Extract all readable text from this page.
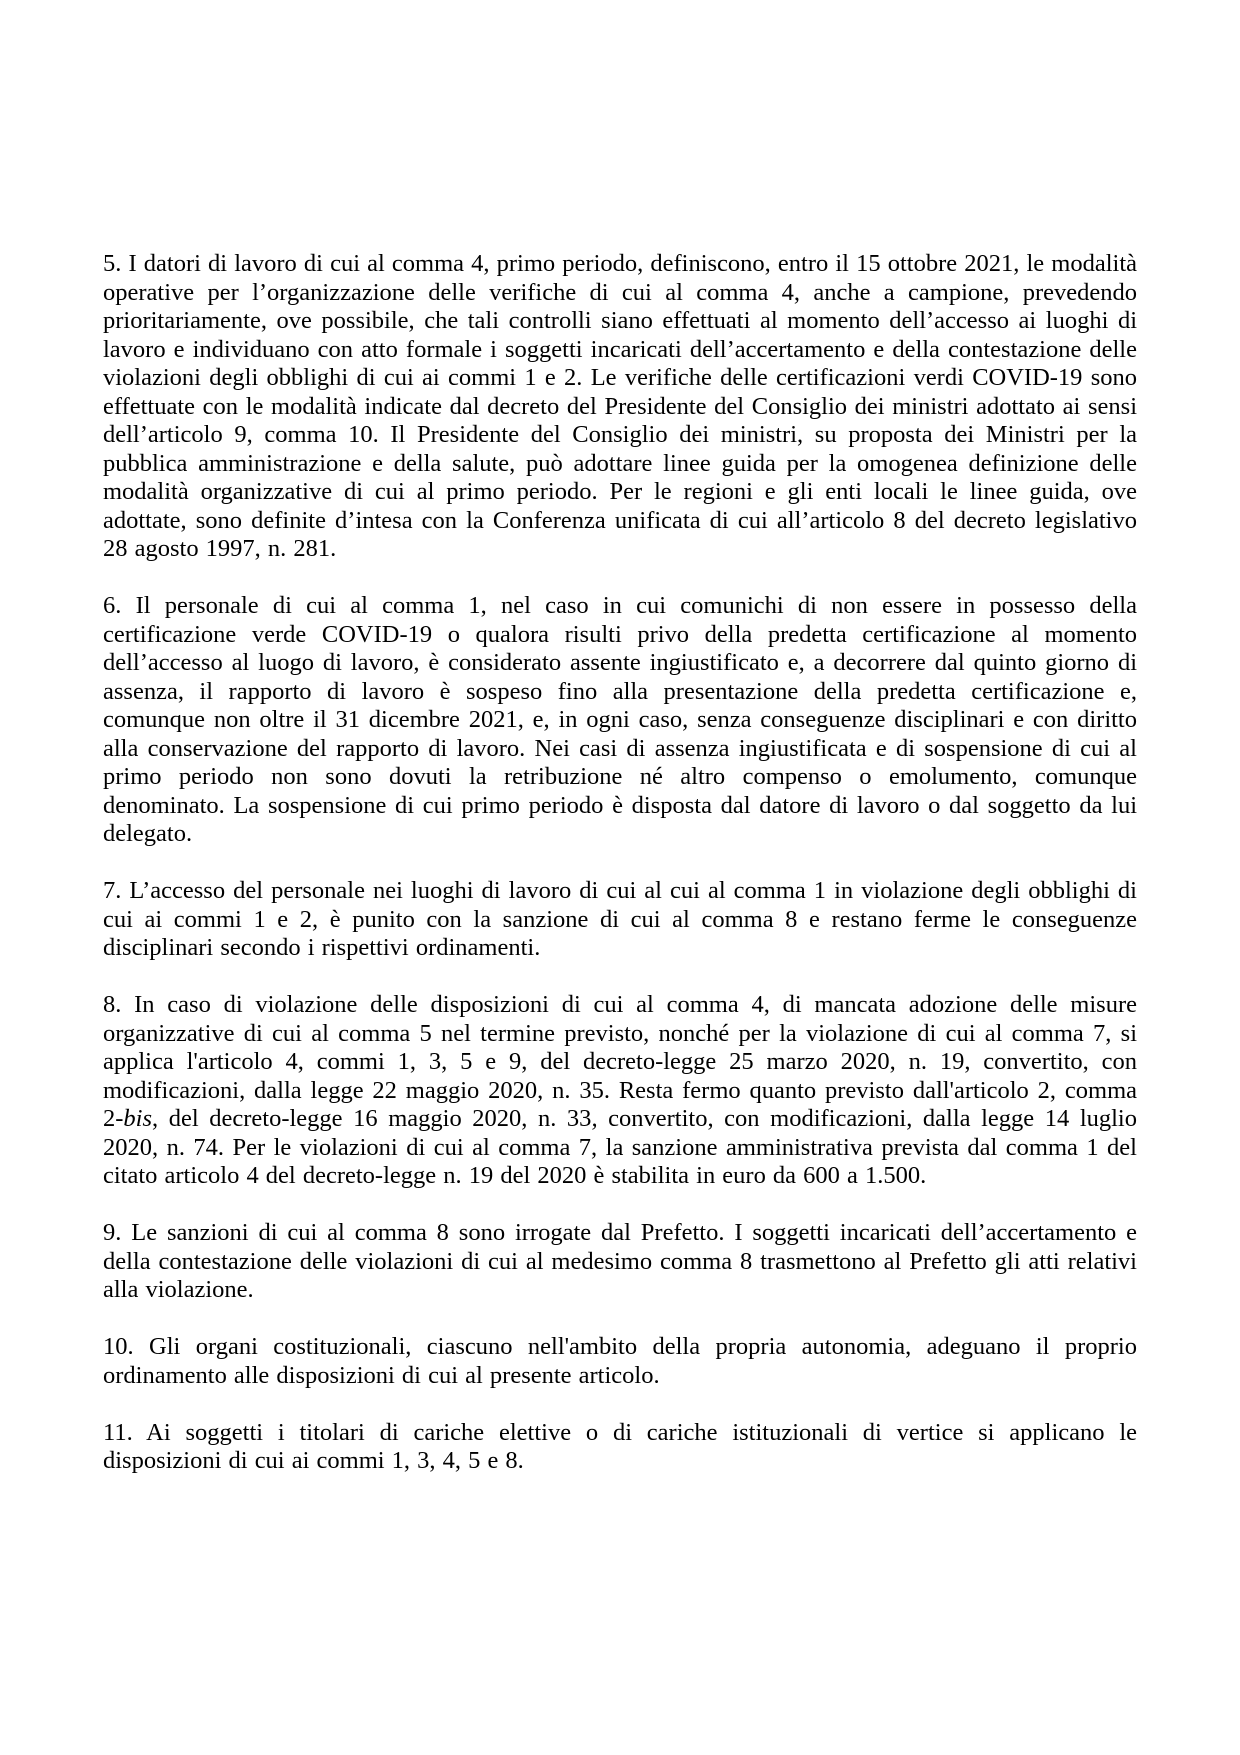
5. I datori di lavoro di cui al comma 4, primo periodo, definiscono, entro il 15 ottobre 2021, le modalità operative per l’organizzazione delle verifiche di cui al comma 4, anche a campione, prevedendo prioritariamente, ove possibile, che tali controlli siano effettuati al momento dell’accesso ai luoghi di lavoro e individuano con atto formale i soggetti incaricati dell’accertamento e della contestazione delle violazioni degli obblighi di cui ai commi 1 e 2. Le verifiche delle certificazioni verdi COVID-19 sono effettuate con le modalità indicate dal decreto del Presidente del Consiglio dei ministri adottato ai sensi dell’articolo 9, comma 10. Il Presidente del Consiglio dei ministri, su proposta dei Ministri per la pubblica amministrazione e della salute, può adottare linee guida per la omogenea definizione delle modalità organizzative di cui al primo periodo. Per le regioni e gli enti locali le linee guida, ove adottate, sono definite d’intesa con la Conferenza unificata di cui all’articolo 8 del decreto legislativo 28 agosto 1997, n. 281.

6. Il personale di cui al comma 1, nel caso in cui comunichi di non essere in possesso della certificazione verde COVID-19 o qualora risulti privo della predetta certificazione al momento dell’accesso al luogo di lavoro, è considerato assente ingiustificato e, a decorrere dal quinto giorno di assenza, il rapporto di lavoro è sospeso fino alla presentazione della predetta certificazione e, comunque non oltre il 31 dicembre 2021, e, in ogni caso, senza conseguenze disciplinari e con diritto alla conservazione del rapporto di lavoro. Nei casi di assenza ingiustificata e di sospensione di cui al primo periodo non sono dovuti la retribuzione né altro compenso o emolumento, comunque denominato. La sospensione di cui primo periodo è disposta dal datore di lavoro o dal soggetto da lui delegato.

7. L’accesso del personale nei luoghi di lavoro di cui al cui al comma 1 in violazione degli obblighi di cui ai commi 1 e 2, è punito con la sanzione di cui al comma 8 e restano ferme le conseguenze disciplinari secondo i rispettivi ordinamenti.

8. In caso di violazione delle disposizioni di cui al comma 4, di mancata adozione delle misure organizzative di cui al comma 5 nel termine previsto, nonché per la violazione di cui al comma 7, si applica l'articolo 4, commi 1, 3, 5 e 9, del decreto-legge 25 marzo 2020, n. 19, convertito, con modificazioni, dalla legge 22 maggio 2020, n. 35. Resta fermo quanto previsto dall'articolo 2, comma 2-bis, del decreto-legge 16 maggio 2020, n. 33, convertito, con modificazioni, dalla legge 14 luglio 2020, n. 74. Per le violazioni di cui al comma 7, la sanzione amministrativa prevista dal comma 1 del citato articolo 4 del decreto-legge n. 19 del 2020 è stabilita in euro da 600 a 1.500.

9. Le sanzioni di cui al comma 8 sono irrogate dal Prefetto. I soggetti incaricati dell’accertamento e della contestazione delle violazioni di cui al medesimo comma 8 trasmettono al Prefetto gli atti relativi alla violazione.

10. Gli organi costituzionali, ciascuno nell'ambito della propria autonomia, adeguano il proprio ordinamento alle disposizioni di cui al presente articolo.

11. Ai soggetti i titolari di cariche elettive o di cariche istituzionali di vertice si applicano le disposizioni di cui ai commi 1, 3, 4, 5 e 8.
